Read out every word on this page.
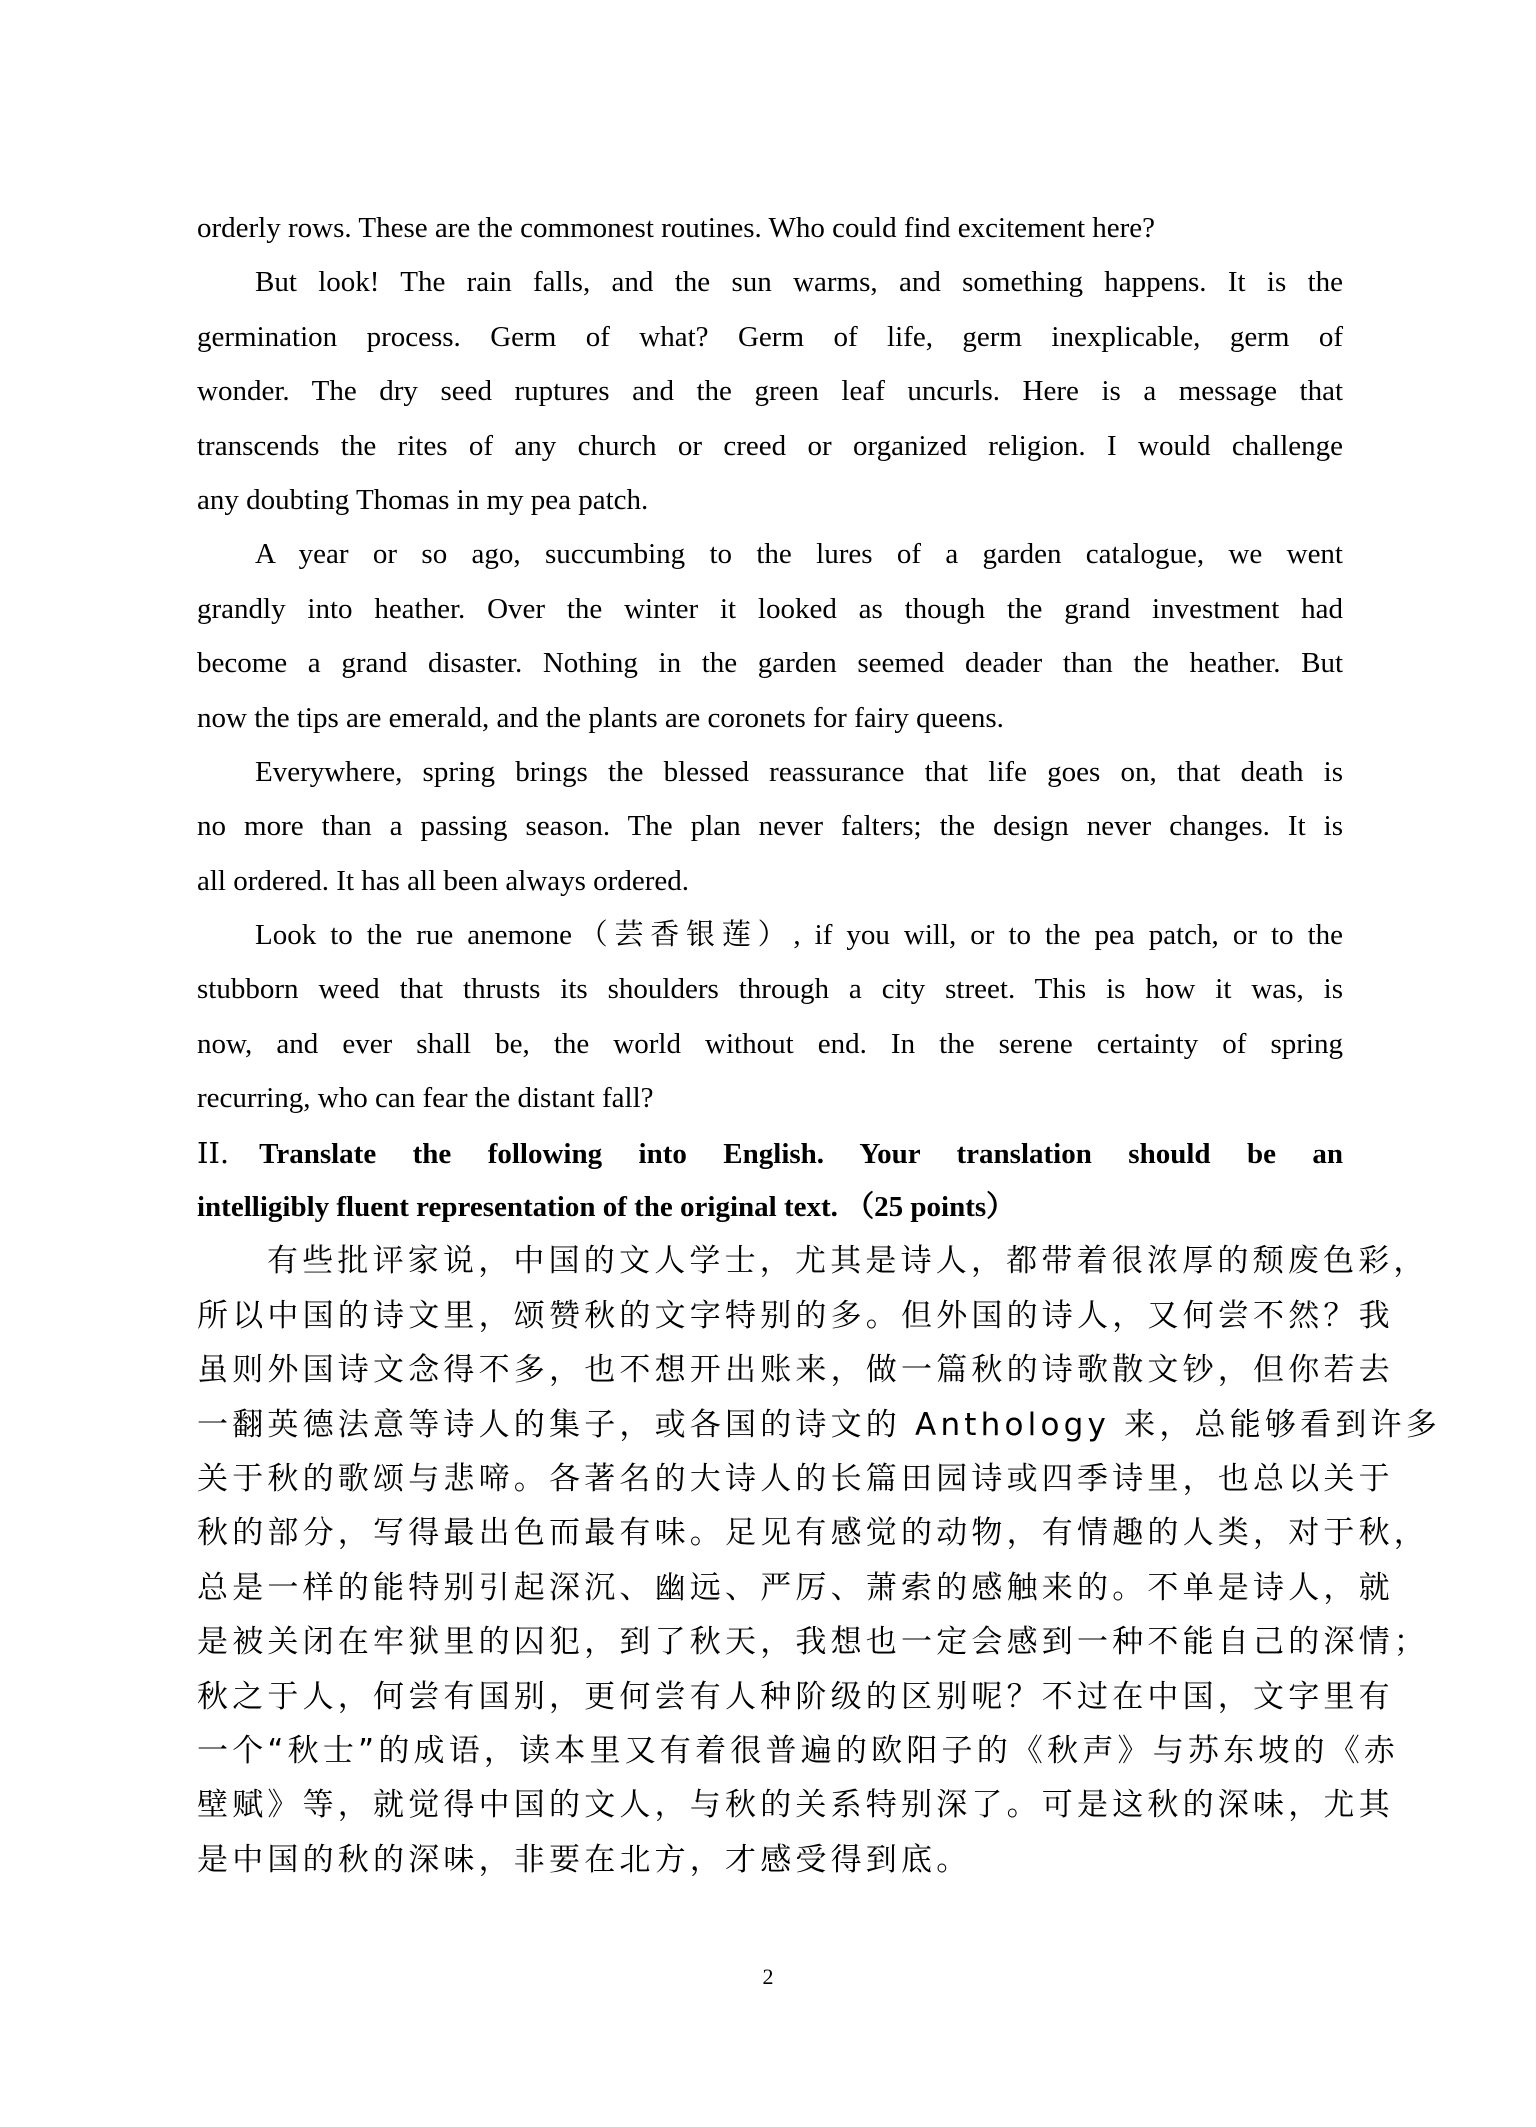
orderly rows. These are the commonest routines. Who could find excitement here?
But look! The rain falls, and the sun warms, and something happens. It is the
germination process. Germ of what? Germ of life, germ inexplicable, germ of
wonder. The dry seed ruptures and the green leaf uncurls. Here is a message that
transcends the rites of any church or creed or organized religion. I would challenge
any doubting Thomas in my pea patch.
A year or so ago, succumbing to the lures of a garden catalogue, we went
grandly into heather. Over the winter it looked as though the grand investment had
become a grand disaster. Nothing in the garden seemed deader than the heather. But
now the tips are emerald, and the plants are coronets for fairy queens.
Everywhere, spring brings the blessed reassurance that life goes on, that death is
no more than a passing season. The plan never falters; the design never changes. It is
all ordered. It has all been always ordered.
Look to the rue anemone（芸香银莲）, if you will, or to the pea patch, or to the
stubborn weed that thrusts its shoulders through a city street. This is how it was, is
now, and ever shall be, the world without end. In the serene certainty of spring
recurring, who can fear the distant fall?
II. Translate the following into English. Your translation should be an
intelligibly fluent representation of the original text. （25 points）
有些批评家说，中国的文人学士，尤其是诗人，都带着很浓厚的颓废色彩，
所以中国的诗文里，颂赞秋的文字特别的多。但外国的诗人，又何尝不然？我
虽则外国诗文念得不多，也不想开出账来，做一篇秋的诗歌散文钞，但你若去
一翻英德法意等诗人的集子，或各国的诗文的 Anthology 来，总能够看到许多
关于秋的歌颂与悲啼。各著名的大诗人的长篇田园诗或四季诗里，也总以关于
秋的部分，写得最出色而最有味。足见有感觉的动物，有情趣的人类，对于秋，
总是一样的能特别引起深沉、幽远、严厉、萧索的感触来的。不单是诗人，就
是被关闭在牢狱里的囚犯，到了秋天，我想也一定会感到一种不能自己的深情；
秋之于人，何尝有国别，更何尝有人种阶级的区别呢？不过在中国，文字里有
一个“秋士”的成语，读本里又有着很普遍的欧阳子的《秋声》与苏东坡的《赤
壁赋》等，就觉得中国的文人，与秋的关系特别深了。可是这秋的深味，尤其
是中国的秋的深味，非要在北方，才感受得到底。
2
